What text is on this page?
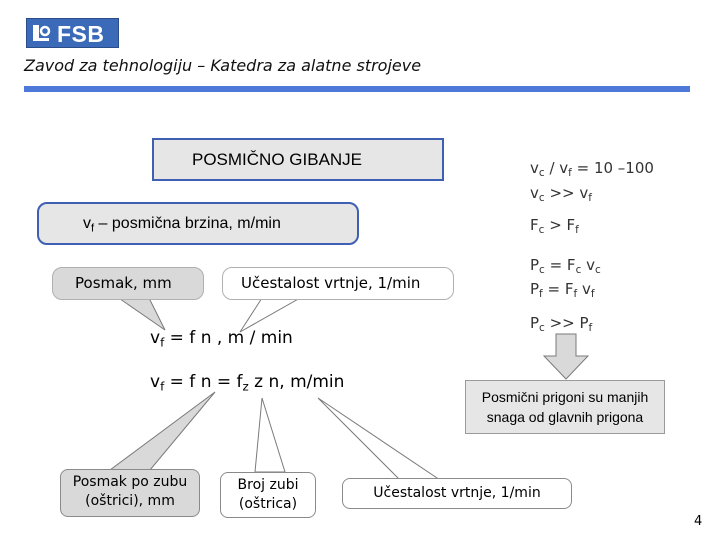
FSB
Zavod za tehnologiju – Katedra za alatne strojeve
POSMIČNO GIBANJE
$v_f$ – posmična brzina, m/min
Posmak, mm	Učestalost vrtnje, 1/min
$v_f = f$ n , m / min
$v_f = f$ $n = f_z$ z n, m/min
$v_c / v_f = 10$ –100
$v_c >> v_f$
$F_c > F_f$
$P_c = F_c$ $v_c$
$P_f = F_f$ $v_f$
$P_c >> P_f$
Posmični prigoni su manjih
snaga od glavnih prigona
Posmak po zubu
(oštrici), mm
Broj zubi
(oštrica)
Učestalost vrtnje, 1/min
4
